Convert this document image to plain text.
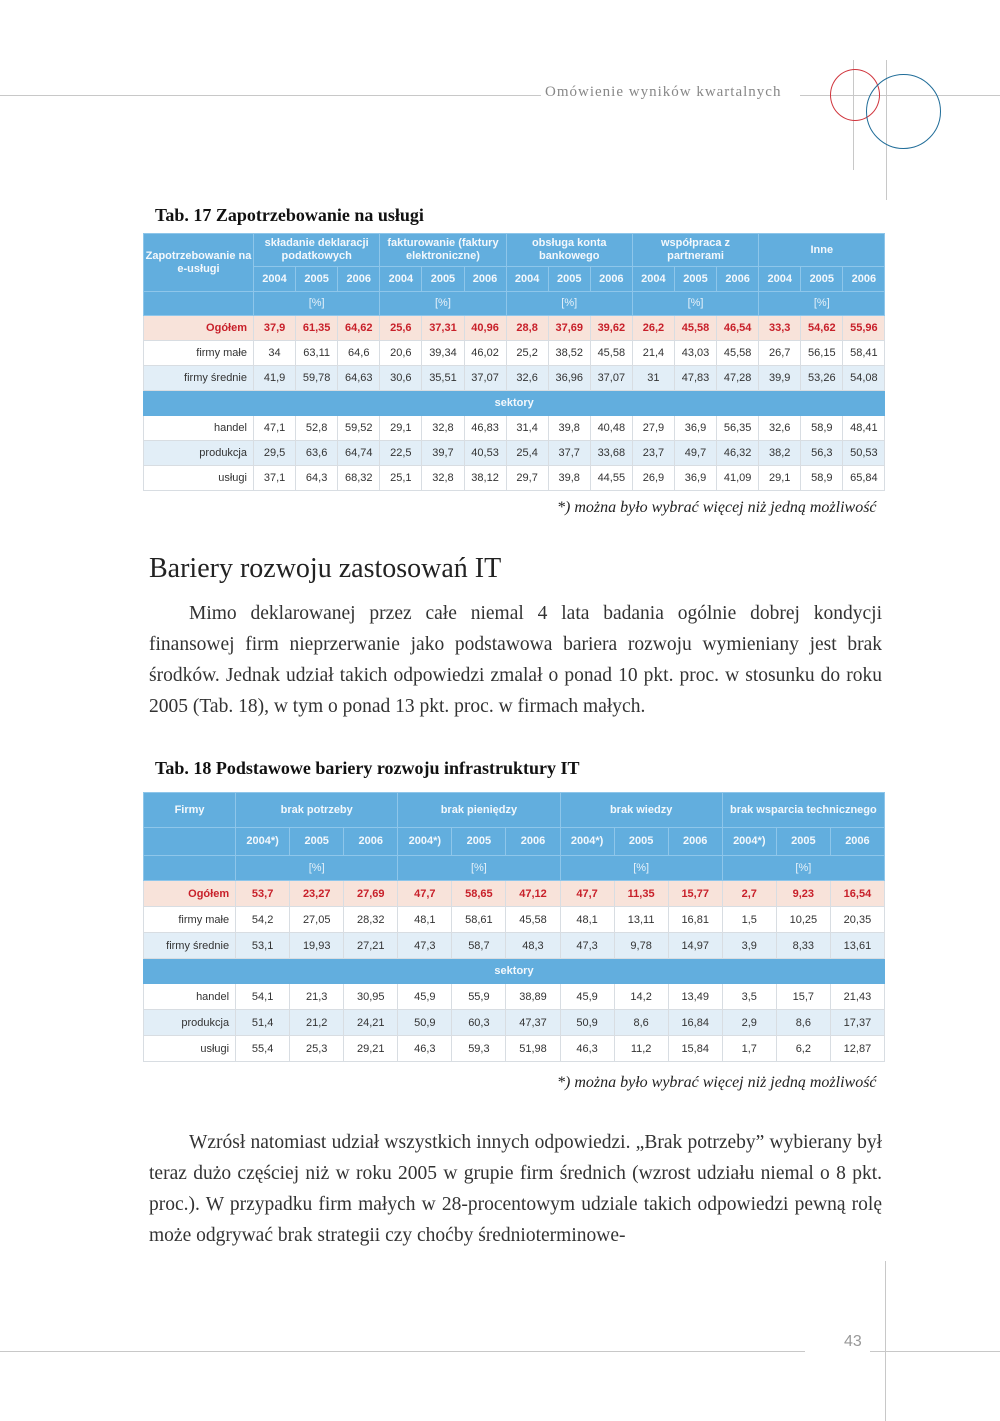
Omówienie wyników kwartalnych
Tab. 17 Zapotrzebowanie na usługi
Zapotrzebowanie na e-usługi	składanie deklaracji podatkowych			fakturowanie (faktury elektroniczne)			obsługa konta bankowego			współpraca z partnerami			Inne		
	2004	2005	2006	2004	2005	2006	2004	2005	2006	2004	2005	2006	2004	2005	2006
	[%]			[%]			[%]			[%]			[%]		
Ogółem	37,9	61,35	64,62	25,6	37,31	40,96	28,8	37,69	39,62	26,2	45,58	46,54	33,3	54,62	55,96
firmy małe	34	63,11	64,6	20,6	39,34	46,02	25,2	38,52	45,58	21,4	43,03	45,58	26,7	56,15	58,41
firmy średnie	41,9	59,78	64,63	30,6	35,51	37,07	32,6	36,96	37,07	31	47,83	47,28	39,9	53,26	54,08
sektory															
handel	47,1	52,8	59,52	29,1	32,8	46,83	31,4	39,8	40,48	27,9	36,9	56,35	32,6	58,9	48,41
produkcja	29,5	63,6	64,74	22,5	39,7	40,53	25,4	37,7	33,68	23,7	49,7	46,32	38,2	56,3	50,53
usługi	37,1	64,3	68,32	25,1	32,8	38,12	29,7	39,8	44,55	26,9	36,9	41,09	29,1	58,9	65,84
*) można było wybrać więcej niż jedną możliwość
Bariery rozwoju zastosowań IT

Mimo deklarowanej przez całe niemal 4 lata badania ogólnie dobrej kondycji finansowej firm nieprzerwanie jako podstawowa bariera rozwoju wymieniany jest brak środków. Jednak udział takich odpowiedzi zmalał o ponad 10 pkt. proc. w stosunku do roku 2005 (Tab. 18), w tym o ponad 13 pkt. proc. w firmach małych.

Tab. 18 Podstawowe bariery rozwoju infrastruktury IT
Firmy	brak potrzeby			brak pieniędzy			brak wiedzy			brak wsparcia technicznego		
	2004*)	2005	2006	2004*)	2005	2006	2004*)	2005	2006	2004*)	2005	2006
	[%]			[%]			[%]			[%]		
Ogółem	53,7	23,27	27,69	47,7	58,65	47,12	47,7	11,35	15,77	2,7	9,23	16,54
firmy małe	54,2	27,05	28,32	48,1	58,61	45,58	48,1	13,11	16,81	1,5	10,25	20,35
firmy średnie	53,1	19,93	27,21	47,3	58,7	48,3	47,3	9,78	14,97	3,9	8,33	13,61
sektory												
handel	54,1	21,3	30,95	45,9	55,9	38,89	45,9	14,2	13,49	3,5	15,7	21,43
produkcja	51,4	21,2	24,21	50,9	60,3	47,37	50,9	8,6	16,84	2,9	8,6	17,37
usługi	55,4	25,3	29,21	46,3	59,3	51,98	46,3	11,2	15,84	1,7	6,2	12,87
*) można było wybrać więcej niż jedną możliwość

Wzrósł natomiast udział wszystkich innych odpowiedzi. „Brak potrzeby” wybierany był teraz dużo częściej niż w roku 2005 w grupie firm średnich (wzrost udziału niemal o 8 pkt. proc.). W przypadku firm małych w 28-procentowym udziale takich odpowiedzi pewną rolę może odgrywać brak strategii czy choćby średnioterminowe-

43
